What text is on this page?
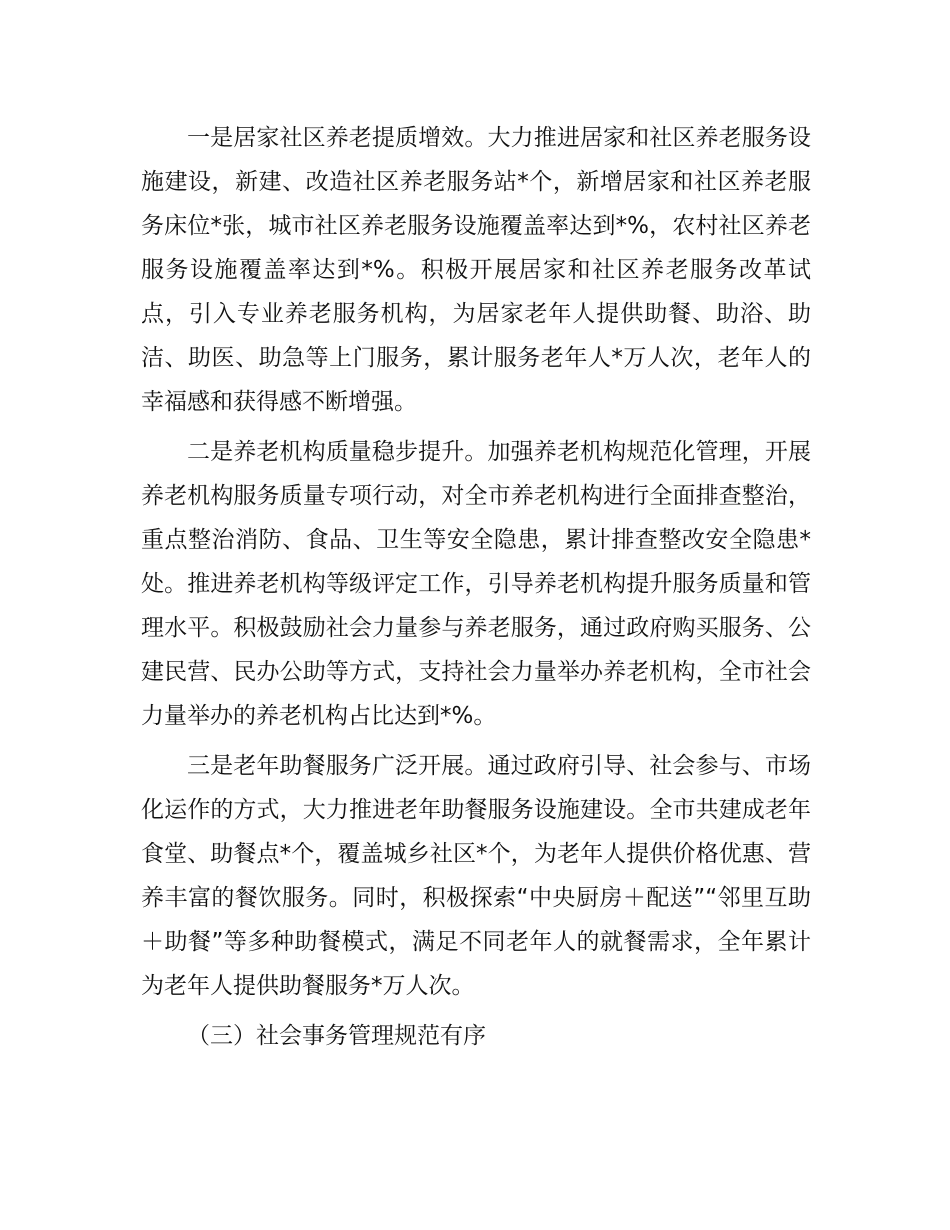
一是居家社区养老提质增效。大力推进居家和社区养老服务设施建设，新建、改造社区养老服务站*个，新增居家和社区养老服务床位*张，城市社区养老服务设施覆盖率达到*%，农村社区养老服务设施覆盖率达到*%。积极开展居家和社区养老服务改革试点，引入专业养老服务机构，为居家老年人提供助餐、助浴、助洁、助医、助急等上门服务，累计服务老年人*万人次，老年人的幸福感和获得感不断增强。

二是养老机构质量稳步提升。加强养老机构规范化管理，开展养老机构服务质量专项行动，对全市养老机构进行全面排查整治，重点整治消防、食品、卫生等安全隐患，累计排查整改安全隐患*处。推进养老机构等级评定工作，引导养老机构提升服务质量和管理水平。积极鼓励社会力量参与养老服务，通过政府购买服务、公建民营、民办公助等方式，支持社会力量举办养老机构，全市社会力量举办的养老机构占比达到*%。

三是老年助餐服务广泛开展。通过政府引导、社会参与、市场化运作的方式，大力推进老年助餐服务设施建设。全市共建成老年食堂、助餐点*个，覆盖城乡社区*个，为老年人提供价格优惠、营养丰富的餐饮服务。同时，积极探索“中央厨房＋配送”“邻里互助＋助餐”等多种助餐模式，满足不同老年人的就餐需求，全年累计为老年人提供助餐服务*万人次。

（三）社会事务管理规范有序
